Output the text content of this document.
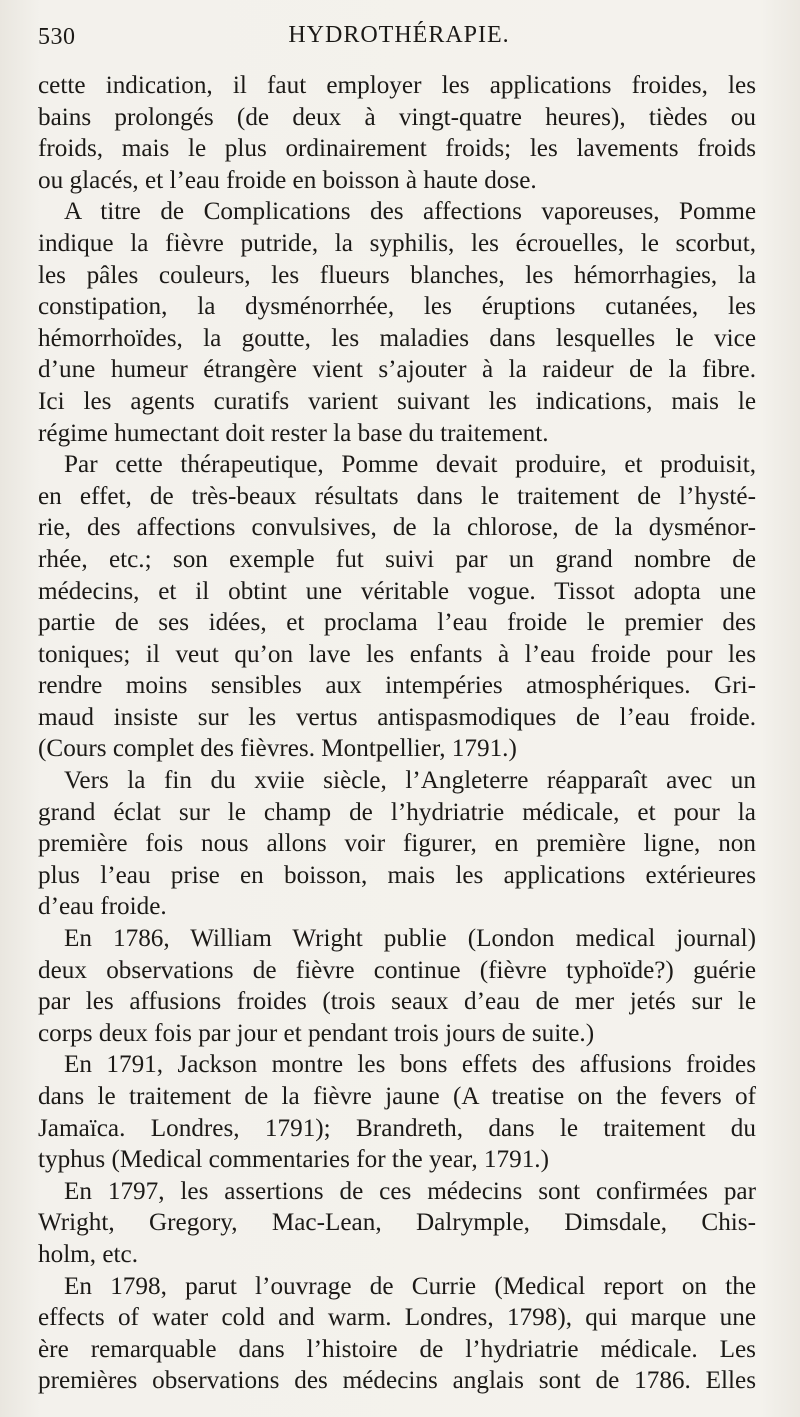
530	HYDROTHÉRAPIE.
cette indication, il faut employer les applications froides, les
bains prolongés (de deux à vingt-quatre heures), tièdes ou
froids, mais le plus ordinairement froids; les lavements froids
ou glacés, et l’eau froide en boisson à haute dose.
A titre de Complications des affections vaporeuses, Pomme
indique la fièvre putride, la syphilis, les écrouelles, le scorbut,
les pâles couleurs, les flueurs blanches, les hémorrhagies, la
constipation, la dysménorrhée, les éruptions cutanées, les
hémorrhoïdes, la goutte, les maladies dans lesquelles le vice
d’une humeur étrangère vient s’ajouter à la raideur de la fibre.
Ici les agents curatifs varient suivant les indications, mais le
régime humectant doit rester la base du traitement.
Par cette thérapeutique, Pomme devait produire, et produisit,
en effet, de très-beaux résultats dans le traitement de l’hysté-
rie, des affections convulsives, de la chlorose, de la dysménor-
rhée, etc.; son exemple fut suivi par un grand nombre de
médecins, et il obtint une véritable vogue. Tissot adopta une
partie de ses idées, et proclama l’eau froide le premier des
toniques; il veut qu’on lave les enfants à l’eau froide pour les
rendre moins sensibles aux intempéries atmosphériques. Gri-
maud insiste sur les vertus antispasmodiques de l’eau froide.
(Cours complet des fièvres. Montpellier, 1791.)
Vers la fin du xviie siècle, l’Angleterre réapparaît avec un
grand éclat sur le champ de l’hydriatrie médicale, et pour la
première fois nous allons voir figurer, en première ligne, non
plus l’eau prise en boisson, mais les applications extérieures
d’eau froide.
En 1786, William Wright publie (London medical journal)
deux observations de fièvre continue (fièvre typhoïde?) guérie
par les affusions froides (trois seaux d’eau de mer jetés sur le
corps deux fois par jour et pendant trois jours de suite.)
En 1791, Jackson montre les bons effets des affusions froides
dans le traitement de la fièvre jaune (A treatise on the fevers of
Jamaïca. Londres, 1791); Brandreth, dans le traitement du
typhus (Medical commentaries for the year, 1791.)
En 1797, les assertions de ces médecins sont confirmées par
Wright, Gregory, Mac-Lean, Dalrymple, Dimsdale, Chis-
holm, etc.
En 1798, parut l’ouvrage de Currie (Medical report on the
effects of water cold and warm. Londres, 1798), qui marque une
ère remarquable dans l’histoire de l’hydriatrie médicale. Les
premières observations des médecins anglais sont de 1786. Elles
